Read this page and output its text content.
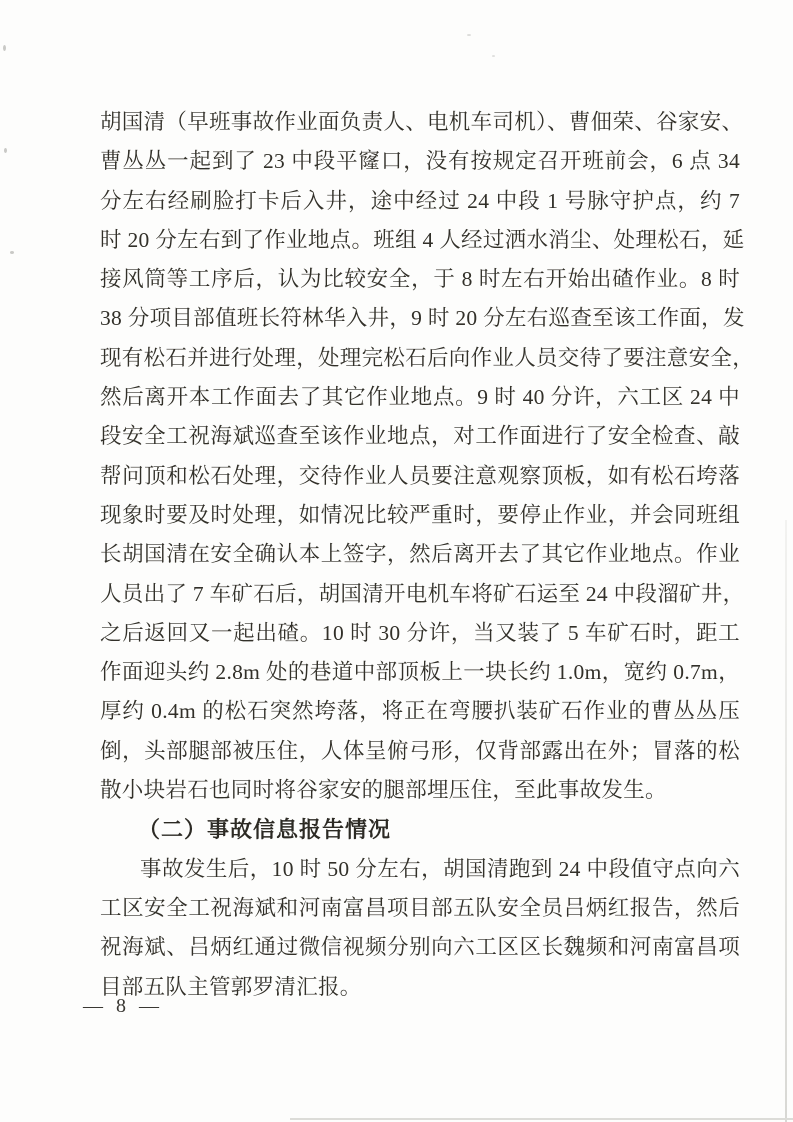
胡国清（早班事故作业面负责人、电机车司机）、曹佃荣、谷家安、
曹丛丛一起到了 23 中段平窿口，没有按规定召开班前会，6 点 34
分左右经刷脸打卡后入井，途中经过 24 中段 1 号脉守护点，约 7
时 20 分左右到了作业地点。班组 4 人经过洒水消尘、处理松石，延
接风筒等工序后，认为比较安全，于 8 时左右开始出碴作业。8 时
38 分项目部值班长符林华入井，9 时 20 分左右巡查至该工作面，发
现有松石并进行处理，处理完松石后向作业人员交待了要注意安全，
然后离开本工作面去了其它作业地点。9 时 40 分许，六工区 24 中
段安全工祝海斌巡查至该作业地点，对工作面进行了安全检查、敲
帮问顶和松石处理，交待作业人员要注意观察顶板，如有松石垮落
现象时要及时处理，如情况比较严重时，要停止作业，并会同班组
长胡国清在安全确认本上签字，然后离开去了其它作业地点。作业
人员出了 7 车矿石后，胡国清开电机车将矿石运至 24 中段溜矿井，
之后返回又一起出碴。10 时 30 分许，当又装了 5 车矿石时，距工
作面迎头约 2.8m 处的巷道中部顶板上一块长约 1.0m，宽约 0.7m，
厚约 0.4m 的松石突然垮落，将正在弯腰扒装矿石作业的曹丛丛压
倒，头部腿部被压住，人体呈俯弓形，仅背部露出在外；冒落的松
散小块岩石也同时将谷家安的腿部埋压住，至此事故发生。
（二）事故信息报告情况
事故发生后，10 时 50 分左右，胡国清跑到 24 中段值守点向六
工区安全工祝海斌和河南富昌项目部五队安全员吕炳红报告，然后
祝海斌、吕炳红通过微信视频分别向六工区区长魏频和河南富昌项
目部五队主管郭罗清汇报。
— 8 —
